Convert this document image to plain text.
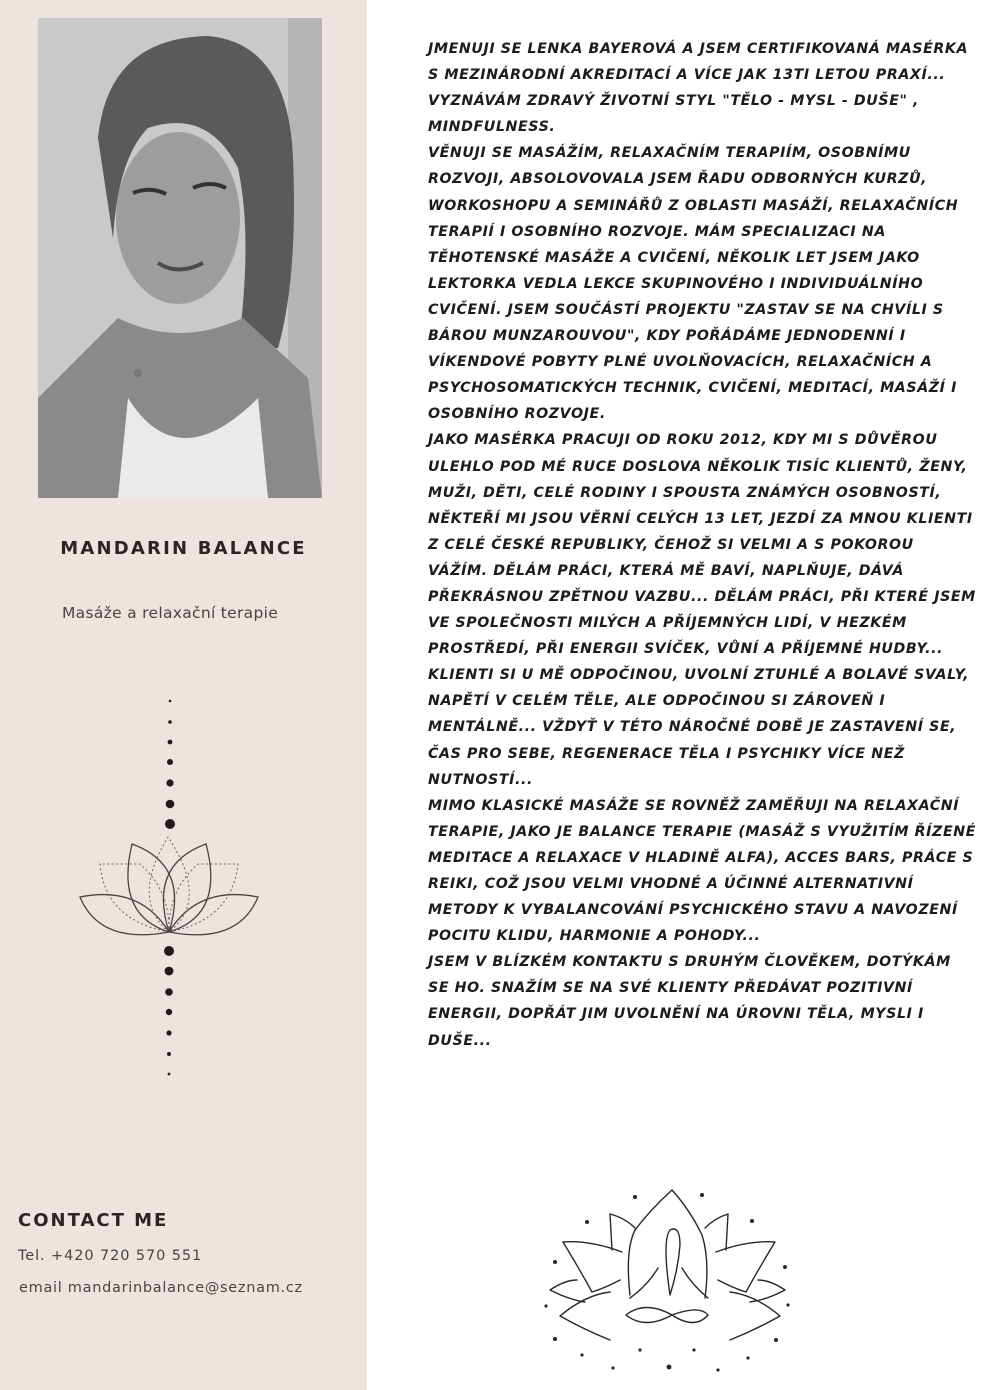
MANDARIN BALANCE
Masáže a relaxační terapie
CONTACT ME
Tel. +420 720 570 551
email mandarinbalance@seznam.cz

JMENUJI SE LENKA BAYEROVÁ A JSEM CERTIFIKOVANÁ MASÉRKA S MEZINÁRODNÍ AKREDITACÍ A VÍCE JAK 13TI LETOU PRAXÍ...

VYZNÁVÁM ZDRAVÝ ŽIVOTNÍ STYL "TĚLO - MYSL - DUŠE" , MINDFULNESS.

VĚNUJI SE MASÁŽÍM, RELAXAČNÍM TERAPIÍM, OSOBNÍMU ROZVOJI, ABSOLOVOVALA JSEM ŘADU ODBORNÝCH KURZŮ, WORKOSHOPU A SEMINÁŘŮ Z OBLASTI MASÁŽÍ, RELAXAČNÍCH TERAPIÍ I OSOBNÍHO ROZVOJE. MÁM SPECIALIZACI NA TĚHOTENSKÉ MASÁŽE A CVIČENÍ, NĚKOLIK LET JSEM JAKO LEKTORKA VEDLA LEKCE SKUPINOVÉHO I INDIVIDUÁLNÍHO CVIČENÍ. JSEM SOUČÁSTÍ PROJEKTU "ZASTAV SE NA CHVÍLI S BÁROU MUNZAROUVOU", KDY POŘÁDÁME JEDNODENNÍ I VÍKENDOVÉ POBYTY PLNÉ UVOLŇOVACÍCH, RELAXAČNÍCH A PSYCHOSOMATICKÝCH TECHNIK, CVIČENÍ, MEDITACÍ, MASÁŽÍ I OSOBNÍHO ROZVOJE.

JAKO MASÉRKA PRACUJI OD ROKU 2012, KDY MI S DŮVĚROU ULEHLO POD MÉ RUCE DOSLOVA NĚKOLIK TISÍC KLIENTŮ, ŽENY, MUŽI, DĚTI, CELÉ RODINY I SPOUSTA ZNÁMÝCH OSOBNOSTÍ, NĚKTEŘÍ MI JSOU VĚRNÍ CELÝCH 13 LET, JEZDÍ ZA MNOU KLIENTI Z CELÉ ČESKÉ REPUBLIKY, ČEHOŽ SI VELMI A S POKOROU VÁŽÍM. DĚLÁM PRÁCI, KTERÁ MĚ BAVÍ, NAPLŇUJE, DÁVÁ PŘEKRÁSNOU ZPĚTNOU VAZBU... DĚLÁM PRÁCI, PŘI KTERÉ JSEM VE SPOLEČNOSTI MILÝCH A PŘÍJEMNÝCH LIDÍ, V HEZKÉM PROSTŘEDÍ, PŘI ENERGII SVÍČEK, VŮNÍ A PŘÍJEMNÉ HUDBY... KLIENTI SI U MĚ ODPOČINOU, UVOLNÍ ZTUHLÉ A BOLAVÉ SVALY, NAPĚTÍ V CELÉM TĚLE, ALE ODPOČINOU SI ZÁROVEŇ I MENTÁLNĚ... VŽDYŤ V TÉTO NÁROČNÉ DOBĚ JE ZASTAVENÍ SE, ČAS PRO SEBE, REGENERACE TĚLA I PSYCHIKY VÍCE NEŽ NUTNOSTÍ...

MIMO KLASICKÉ MASÁŽE SE ROVNĚŽ ZAMĚŘUJI NA RELAXAČNÍ TERAPIE, JAKO JE BALANCE TERAPIE (MASÁŽ S VYUŽITÍM ŘÍZENÉ MEDITACE A RELAXACE V HLADINĚ ALFA), ACCES BARS, PRÁCE S REIKI, COŽ JSOU VELMI VHODNÉ A ÚČINNÉ ALTERNATIVNÍ METODY K VYBALANCOVÁNÍ PSYCHICKÉHO STAVU A NAVOZENÍ POCITU KLIDU, HARMONIE A POHODY...

JSEM V BLÍZKÉM KONTAKTU S DRUHÝM ČLOVĚKEM, DOTÝKÁM SE HO. SNAŽÍM SE NA SVÉ KLIENTY PŘEDÁVAT POZITIVNÍ ENERGII, DOPŘÁT JIM UVOLNĚNÍ NA ÚROVNI TĚLA, MYSLI I DUŠE...
